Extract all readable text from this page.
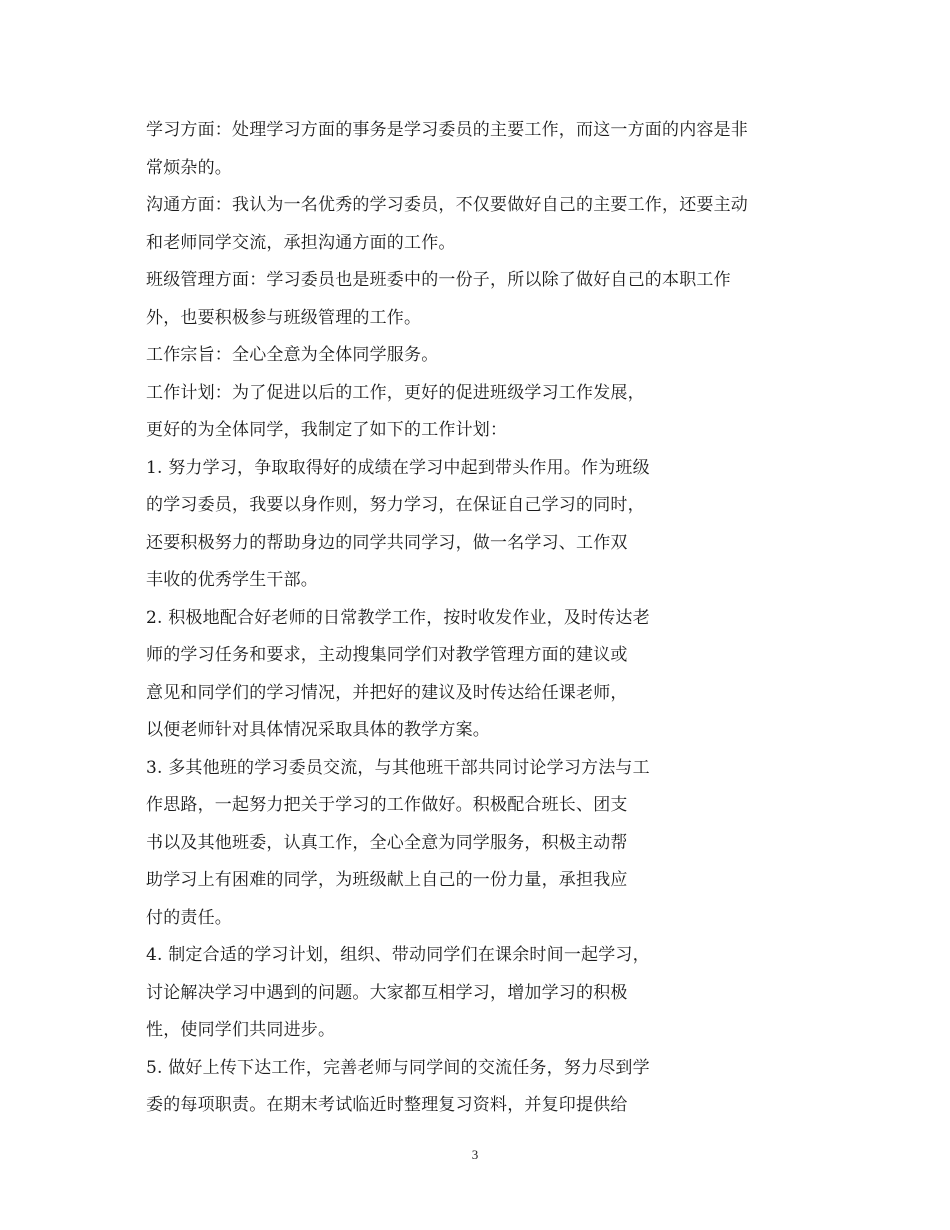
学习方面：处理学习方面的事务是学习委员的主要工作，而这一方面的内容是非
常烦杂的。
沟通方面：我认为一名优秀的学习委员，不仅要做好自己的主要工作，还要主动
和老师同学交流，承担沟通方面的工作。
班级管理方面：学习委员也是班委中的一份子，所以除了做好自己的本职工作
外，也要积极参与班级管理的工作。
工作宗旨：全心全意为全体同学服务。
工作计划：为了促进以后的工作，更好的促进班级学习工作发展，
更好的为全体同学，我制定了如下的工作计划：
1. 努力学习，争取取得好的成绩在学习中起到带头作用。作为班级
的学习委员，我要以身作则，努力学习，在保证自己学习的同时，
还要积极努力的帮助身边的同学共同学习，做一名学习、工作双
丰收的优秀学生干部。
2. 积极地配合好老师的日常教学工作，按时收发作业，及时传达老
师的学习任务和要求，主动搜集同学们对教学管理方面的建议或
意见和同学们的学习情况，并把好的建议及时传达给任课老师，
以便老师针对具体情况采取具体的教学方案。
3. 多其他班的学习委员交流，与其他班干部共同讨论学习方法与工
作思路，一起努力把关于学习的工作做好。积极配合班长、团支
书以及其他班委，认真工作，全心全意为同学服务，积极主动帮
助学习上有困难的同学，为班级献上自己的一份力量，承担我应
付的责任。
4. 制定合适的学习计划，组织、带动同学们在课余时间一起学习，
讨论解决学习中遇到的问题。大家都互相学习，增加学习的积极
性，使同学们共同进步。
5. 做好上传下达工作，完善老师与同学间的交流任务，努力尽到学
委的每项职责。在期末考试临近时整理复习资料，并复印提供给
3
